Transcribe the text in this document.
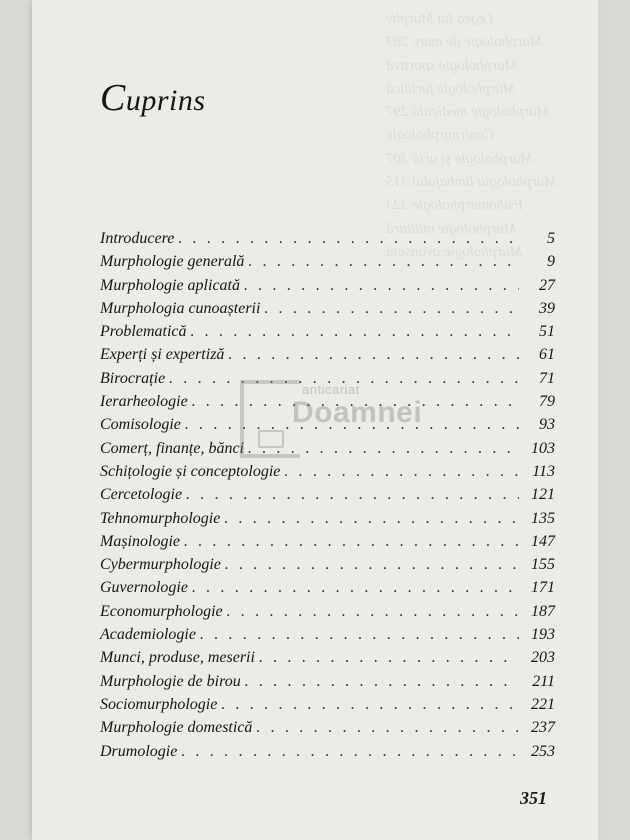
Legea lui Murphy
Murphologie de mare 283
Murphologie sportivă
Murphologie juridică
Murphologie medicală 297
Contraurphologie
Murphologie și artă 307
Murphologia limbajului 315
Psihomurphologie 323
Murphologie militară
Murphologie avansată
Cuprins
Introducere . . .	5
Murphologie generală . . .	9
Murphologie aplicată . . .	27
Murphologia cunoașterii . . .	39
Problematică . . .	51
Experți și expertiză . . .	61
Birocrație . . .	71
Ierarheologie . . .	79
Comisologie . . .	93
Comerț, finanțe, bănci . . .	103
Schițologie și conceptologie . . .	113
Cercetologie . . .	121
Tehnomurphologie . . .	135
Mașinologie . . .	147
Cybermurphologie . . .	155
Guvernologie . . .	171
Economurphologie . . .	187
Academiologie . . .	193
Munci, produse, meserii . . .	203
Murphologie de birou . . .	211
Sociomurphologie . . .	221
Murphologie domestică . . .	237
Drumologie . . .	253
anticariat
Doamnei
351
